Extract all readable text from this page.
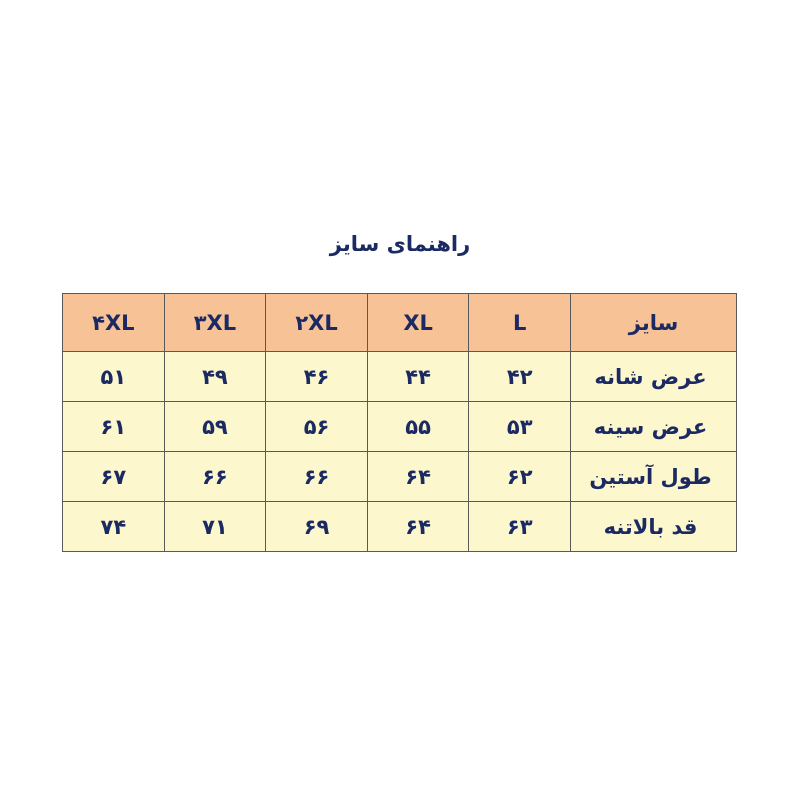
راهنمای سایز
سایز	L	XL	۲XL	۳XL	۴XL
عرض شانه	۴۲	۴۴	۴۶	۴۹	۵۱
عرض سینه	۵۳	۵۵	۵۶	۵۹	۶۱
طول آستین	۶۲	۶۴	۶۶	۶۶	۶۷
قد بالاتنه	۶۳	۶۴	۶۹	۷۱	۷۴
